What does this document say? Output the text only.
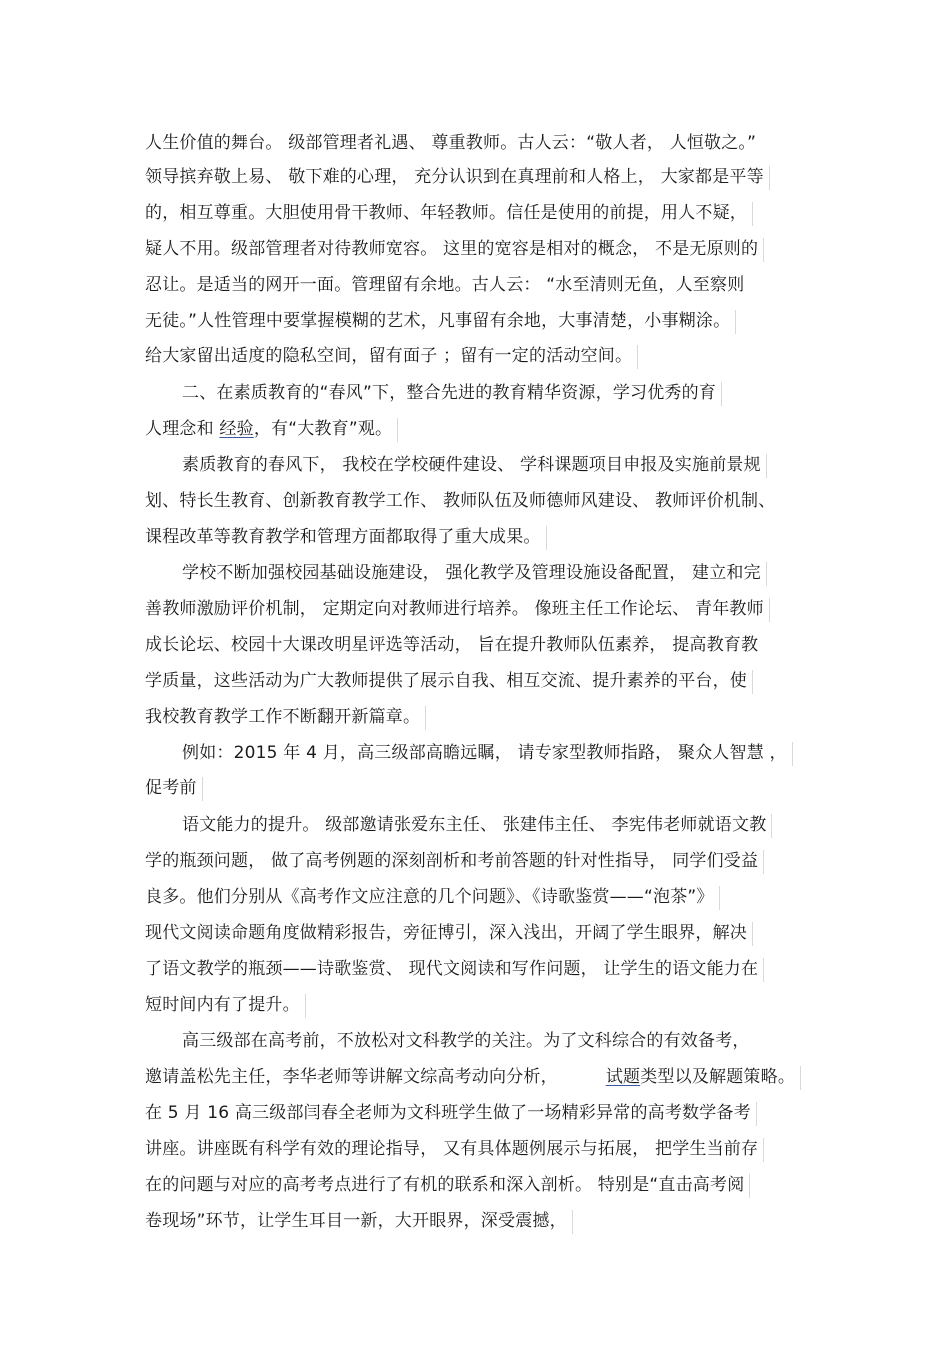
人生价值的舞台。 级部管理者礼遇、 尊重教师。古人云：“敬人者， 人恒敬之。”
领导摈弃敬上易、 敬下难的心理， 充分认识到在真理前和人格上， 大家都是平等
的，相互尊重。大胆使用骨干教师、年轻教师。信任是使用的前提，用人不疑，
疑人不用。级部管理者对待教师宽容。 这里的宽容是相对的概念， 不是无原则的
忍让。是适当的网开一面。管理留有余地。古人云： “水至清则无鱼，人至察则
无徒。”人性管理中要掌握模糊的艺术，凡事留有余地，大事清楚，小事糊涂。
给大家留出适度的隐私空间，留有面子 ；留有一定的活动空间。
二、在素质教育的“春风”下，整合先进的教育精华资源，学习优秀的育
人理念和 经验，有“大教育”观。
素质教育的春风下， 我校在学校硬件建设、 学科课题项目申报及实施前景规
划、特长生教育、创新教育教学工作、 教师队伍及师德师风建设、 教师评价机制、
课程改革等教育教学和管理方面都取得了重大成果。
学校不断加强校园基础设施建设， 强化教学及管理设施设备配置， 建立和完
善教师激励评价机制， 定期定向对教师进行培养。 像班主任工作论坛、 青年教师
成长论坛、校园十大课改明星评选等活动， 旨在提升教师队伍素养， 提高教育教
学质量，这些活动为广大教师提供了展示自我、相互交流、提升素养的平台，使
我校教育教学工作不断翻开新篇章。
例如：2015 年 4 月，高三级部高瞻远瞩， 请专家型教师指路， 聚众人智慧 ，
促考前
语文能力的提升。 级部邀请张爱东主任、 张建伟主任、 李宪伟老师就语文教
学的瓶颈问题， 做了高考例题的深刻剖析和考前答题的针对性指导， 同学们受益
良多。他们分别从《高考作文应注意的几个问题》、《诗歌鉴赏——“泡茶”》
现代文阅读命题角度做精彩报告，旁征博引，深入浅出，开阔了学生眼界，解决
了语文教学的瓶颈——诗歌鉴赏、 现代文阅读和写作问题， 让学生的语文能力在
短时间内有了提升。
高三级部在高考前，不放松对文科教学的关注。为了文科综合的有效备考，
邀请盖松先主任，李华老师等讲解文综高考动向分析，	试题类型以及解题策略。
在 5 月 16 高三级部闫春全老师为文科班学生做了一场精彩异常的高考数学备考
讲座。讲座既有科学有效的理论指导， 又有具体题例展示与拓展， 把学生当前存
在的问题与对应的高考考点进行了有机的联系和深入剖析。 特别是“直击高考阅
卷现场”环节，让学生耳目一新，大开眼界，深受震撼，
